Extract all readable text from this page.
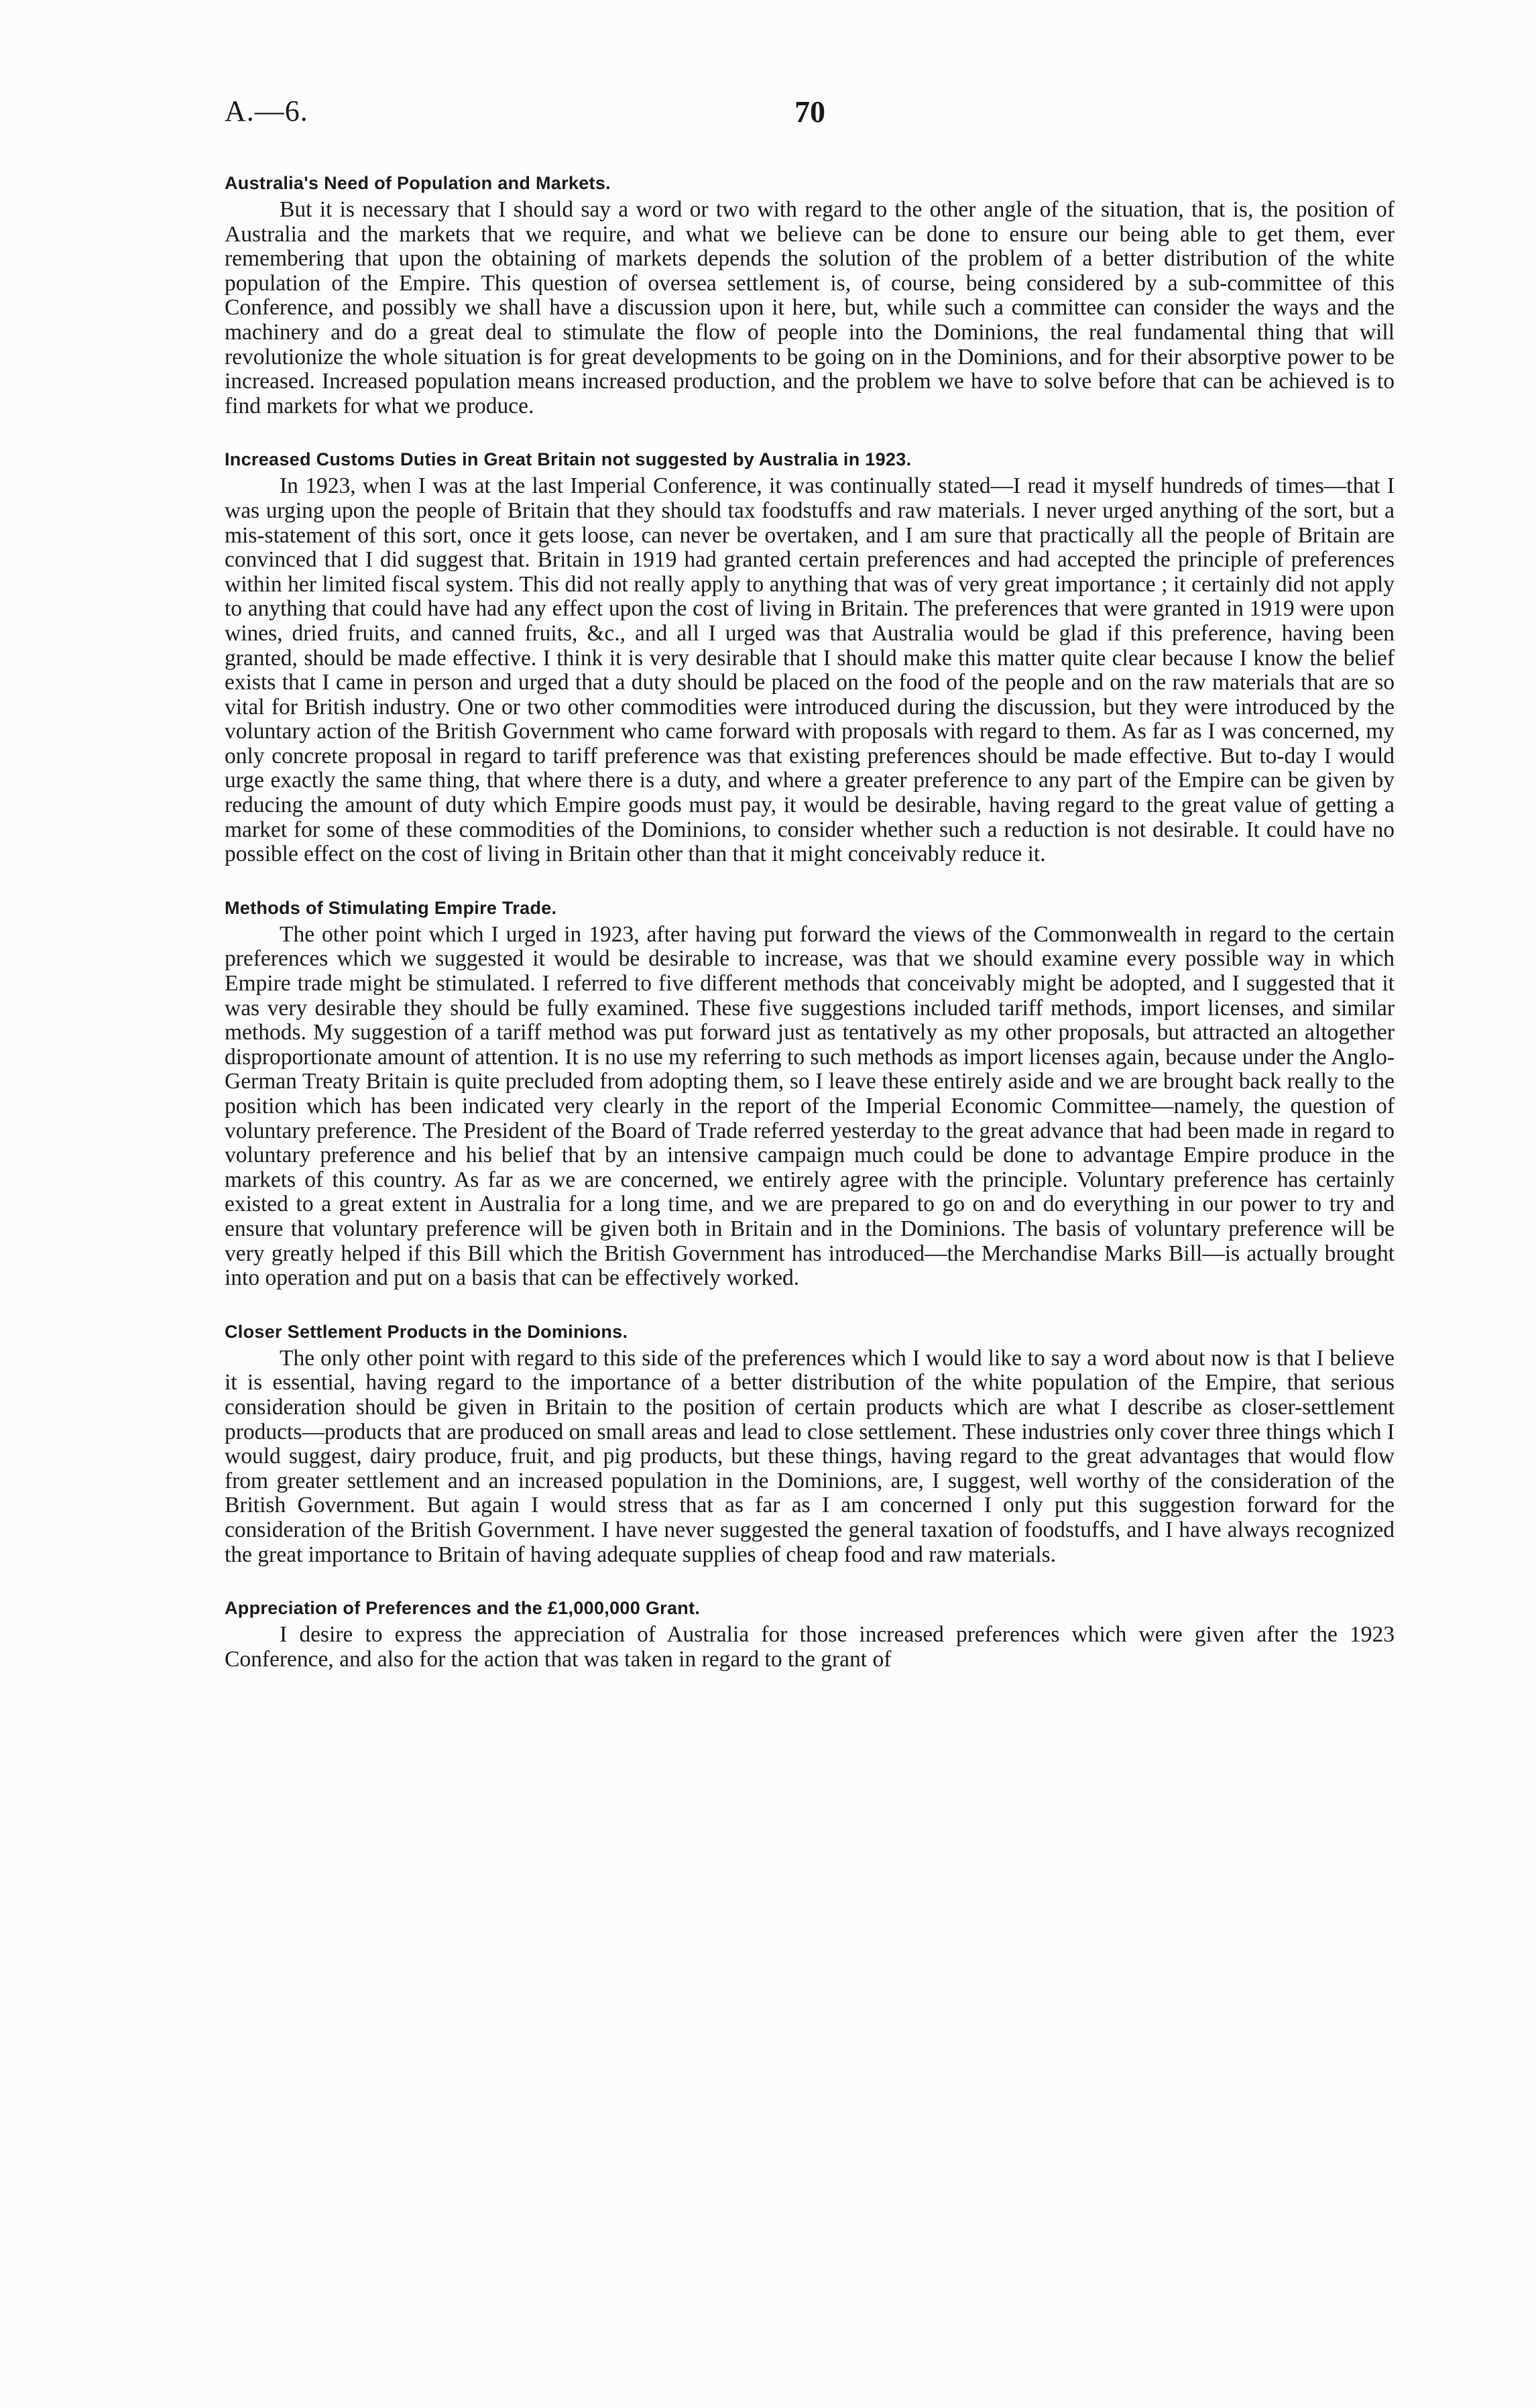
A.—6.	70
Australia's Need of Population and Markets.

But it is necessary that I should say a word or two with regard to the other angle of the situation, that is, the position of Australia and the markets that we require, and what we believe can be done to ensure our being able to get them, ever remembering that upon the obtaining of markets depends the solution of the problem of a better distribution of the white population of the Empire. This question of oversea settlement is, of course, being considered by a sub-committee of this Conference, and possibly we shall have a discussion upon it here, but, while such a committee can consider the ways and the machinery and do a great deal to stimulate the flow of people into the Dominions, the real fundamental thing that will revolutionize the whole situation is for great developments to be going on in the Dominions, and for their absorptive power to be increased. Increased population means increased production, and the problem we have to solve before that can be achieved is to find markets for what we produce.

Increased Customs Duties in Great Britain not suggested by Australia in 1923.

In 1923, when I was at the last Imperial Conference, it was continually stated—I read it myself hundreds of times—that I was urging upon the people of Britain that they should tax foodstuffs and raw materials. I never urged anything of the sort, but a mis-statement of this sort, once it gets loose, can never be overtaken, and I am sure that practically all the people of Britain are convinced that I did suggest that. Britain in 1919 had granted certain preferences and had accepted the principle of preferences within her limited fiscal system. This did not really apply to anything that was of very great importance ; it certainly did not apply to anything that could have had any effect upon the cost of living in Britain. The preferences that were granted in 1919 were upon wines, dried fruits, and canned fruits, &c., and all I urged was that Australia would be glad if this preference, having been granted, should be made effective. I think it is very desirable that I should make this matter quite clear because I know the belief exists that I came in person and urged that a duty should be placed on the food of the people and on the raw materials that are so vital for British industry. One or two other commodities were introduced during the discussion, but they were introduced by the voluntary action of the British Government who came forward with proposals with regard to them. As far as I was concerned, my only concrete proposal in regard to tariff preference was that existing preferences should be made effective. But to-day I would urge exactly the same thing, that where there is a duty, and where a greater preference to any part of the Empire can be given by reducing the amount of duty which Empire goods must pay, it would be desirable, having regard to the great value of getting a market for some of these commodities of the Dominions, to consider whether such a reduction is not desirable. It could have no possible effect on the cost of living in Britain other than that it might conceivably reduce it.

Methods of Stimulating Empire Trade.

The other point which I urged in 1923, after having put forward the views of the Commonwealth in regard to the certain preferences which we suggested it would be desirable to increase, was that we should examine every possible way in which Empire trade might be stimulated. I referred to five different methods that conceivably might be adopted, and I suggested that it was very desirable they should be fully examined. These five suggestions included tariff methods, import licenses, and similar methods. My suggestion of a tariff method was put forward just as tentatively as my other proposals, but attracted an altogether disproportionate amount of attention. It is no use my referring to such methods as import licenses again, because under the Anglo-German Treaty Britain is quite precluded from adopting them, so I leave these entirely aside and we are brought back really to the position which has been indicated very clearly in the report of the Imperial Economic Committee—namely, the question of voluntary preference. The President of the Board of Trade referred yesterday to the great advance that had been made in regard to voluntary preference and his belief that by an intensive campaign much could be done to advantage Empire produce in the markets of this country. As far as we are concerned, we entirely agree with the principle. Voluntary preference has certainly existed to a great extent in Australia for a long time, and we are prepared to go on and do everything in our power to try and ensure that voluntary preference will be given both in Britain and in the Dominions. The basis of voluntary preference will be very greatly helped if this Bill which the British Government has introduced—the Merchandise Marks Bill—is actually brought into operation and put on a basis that can be effectively worked.

Closer Settlement Products in the Dominions.

The only other point with regard to this side of the preferences which I would like to say a word about now is that I believe it is essential, having regard to the importance of a better distribution of the white population of the Empire, that serious consideration should be given in Britain to the position of certain products which are what I describe as closer-settlement products—products that are produced on small areas and lead to close settlement. These industries only cover three things which I would suggest, dairy produce, fruit, and pig products, but these things, having regard to the great advantages that would flow from greater settlement and an increased population in the Dominions, are, I suggest, well worthy of the consideration of the British Government. But again I would stress that as far as I am concerned I only put this suggestion forward for the consideration of the British Government. I have never suggested the general taxation of foodstuffs, and I have always recognized the great importance to Britain of having adequate supplies of cheap food and raw materials.

Appreciation of Preferences and the £1,000,000 Grant.

I desire to express the appreciation of Australia for those increased preferences which were given after the 1923 Conference, and also for the action that was taken in regard to the grant of
